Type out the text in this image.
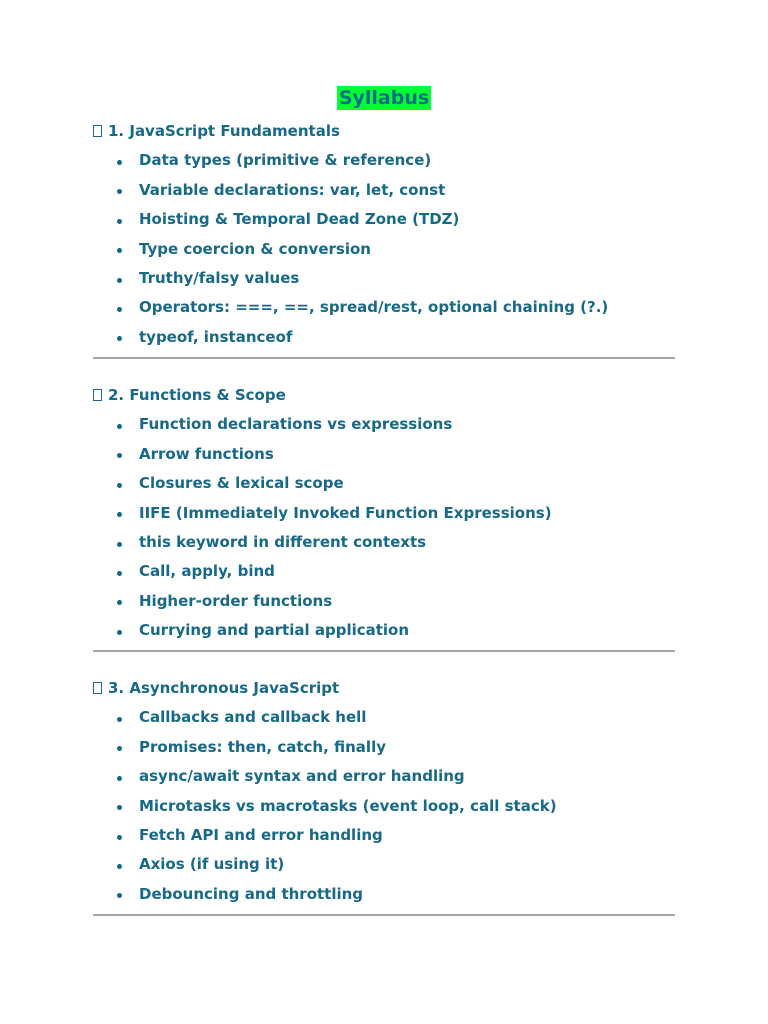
Syllabus
1. JavaScript Fundamentals
Data types (primitive & reference)
Variable declarations: var, let, const
Hoisting & Temporal Dead Zone (TDZ)
Type coercion & conversion
Truthy/falsy values
Operators: ===, ==, spread/rest, optional chaining (?.)
typeof, instanceof
2. Functions & Scope
Function declarations vs expressions
Arrow functions
Closures & lexical scope
IIFE (Immediately Invoked Function Expressions)
this keyword in different contexts
Call, apply, bind
Higher-order functions
Currying and partial application
3. Asynchronous JavaScript
Callbacks and callback hell
Promises: then, catch, finally
async/await syntax and error handling
Microtasks vs macrotasks (event loop, call stack)
Fetch API and error handling
Axios (if using it)
Debouncing and throttling
